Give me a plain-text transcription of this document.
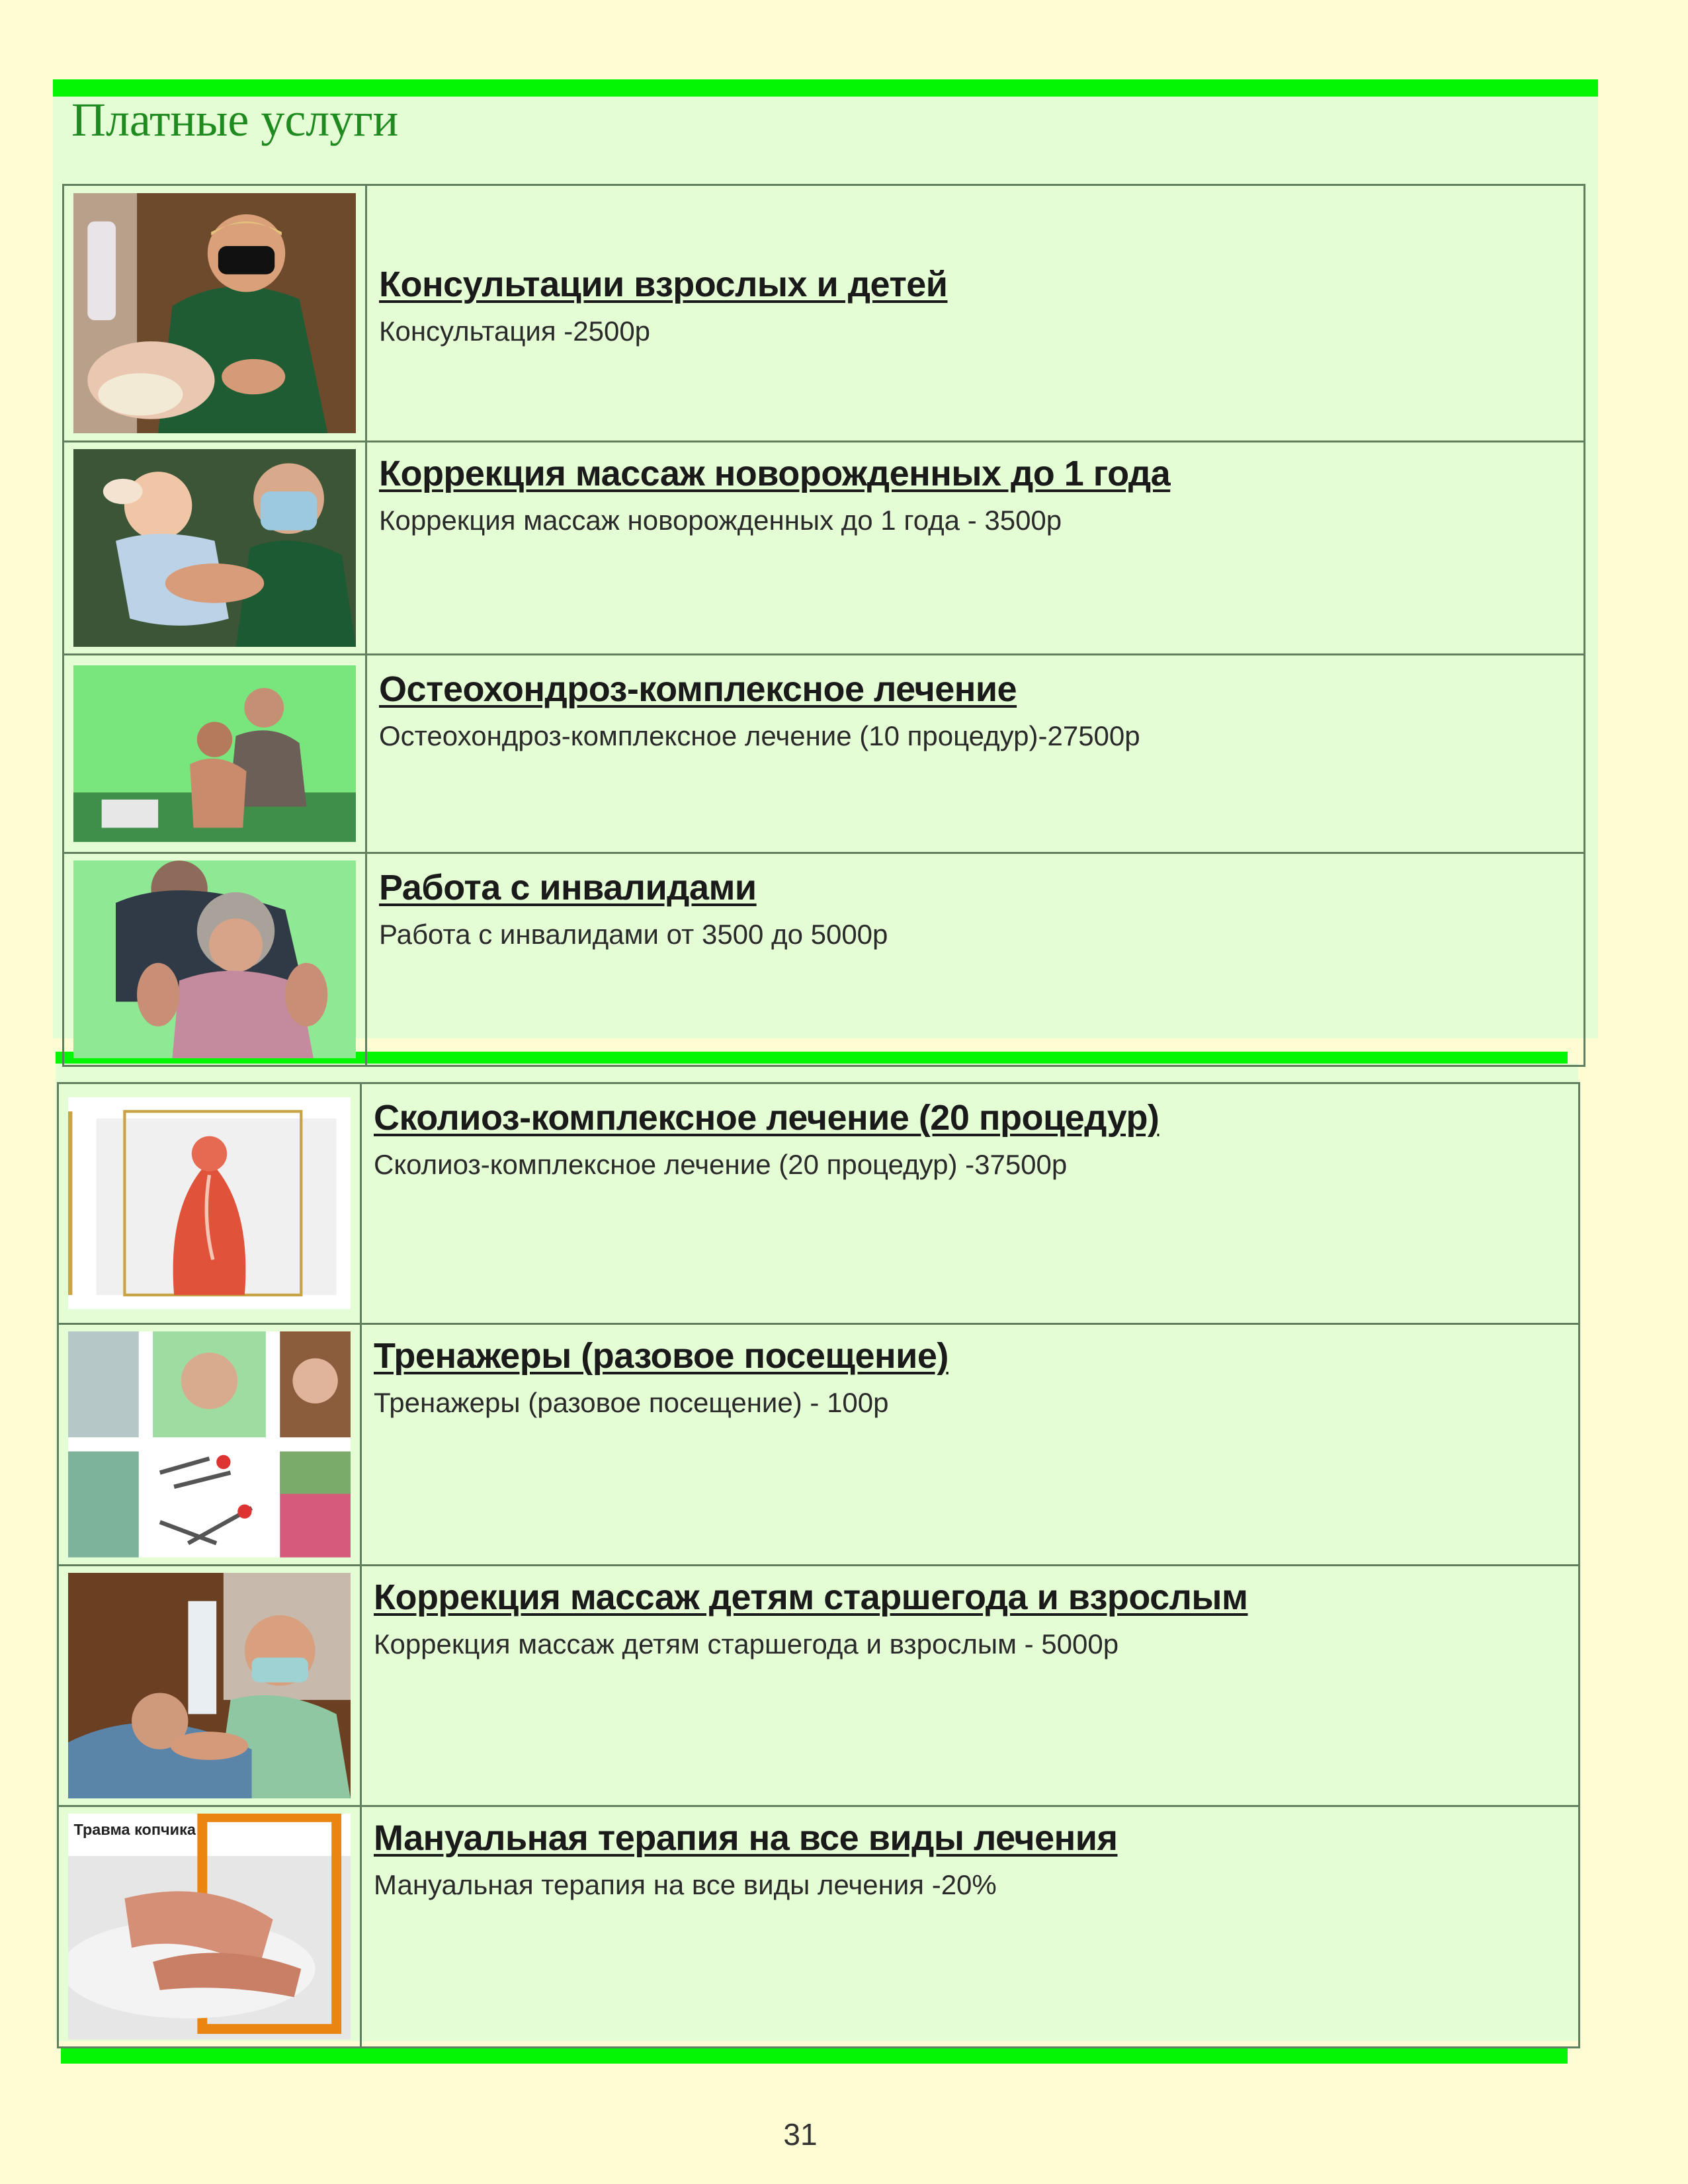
Платные услуги

Консультации взрослых и детей
Консультация -2500р

Коррекция массаж новорожденных до 1 года
Коррекция массаж новорожденных до 1 года - 3500р

Остеохондроз-комплексное лечение
Остеохондроз-комплексное лечение (10 процедур)-27500р

Работа с инвалидами
Работа с инвалидами от 3500 до 5000р

Сколиоз-комплексное лечение (20 процедур)
Сколиоз-комплексное лечение (20 процедур) -37500р

Тренажеры (разовое посещение)
Тренажеры (разовое посещение) - 100р

Коррекция массаж детям старшегода и взрослым
Коррекция массаж детям старшегода и взрослым - 5000р

Травма копчика	Мануальная терапия на все виды лечения
Мануальная терапия на все виды лечения -20%
31
